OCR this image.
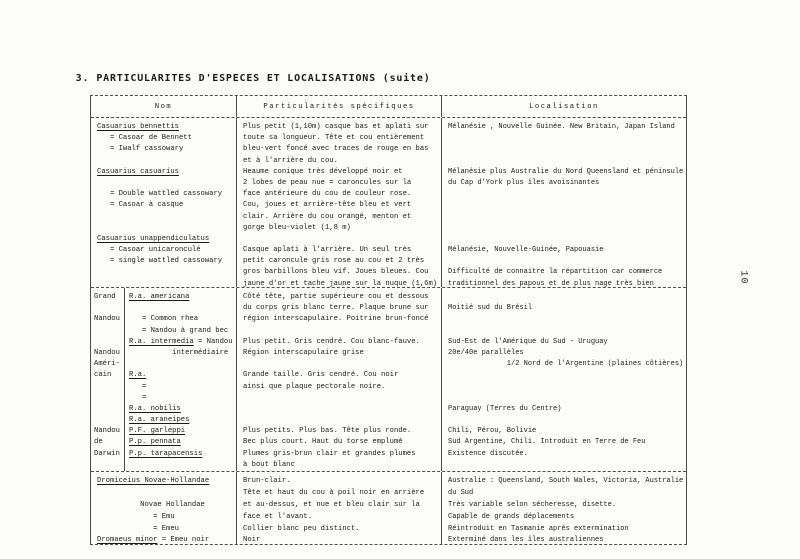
3. PARTICULARITES D'ESPECES ET LOCALISATIONS (suite)

10
Nom	Particularités spécifiques	Localisation
Casuarius bennettis
= Casoar de Bennett
= Iwalf cassowary
Casuarius casuarius
= Double wattled cassowary
= Casoar à casque
Casuarius unappendiculatus
= Casoar unicaronculé
= single wattled cassowary
Plus petit (1,10m) casque bas et aplati sur
toute sa longueur. Tête et cou entièrement
bleu-vert foncé avec traces de rouge en bas
et à l'arrière du cou.
Heaume conique très développé noir et
2 lobes de peau nue = caroncules sur la
face antérieure du cou de couleur rose.
Cou, joues et arrière-tête bleu et vert
clair. Arrière du cou orangé, menton et
gorge bleu-violet (1,8 m)
Casque aplati à l'arrière. Un seul très
petit caroncule gris rose au cou et 2 très
gros barbillons bleu vif. Joues bleues. Cou
jaune d'or et tache jaune sur la nuque (1,6m)
Mélanésie , Nouvelle Guinée. New Britain, Japan Island
Mélanésie plus Australie du Nord Queensland et péninsule
du Cap d'York plus îles avoisinantes
Mélanésie, Nouvelle-Guinée, Papouasie
Difficulté de connaitre la répartition car commerce
traditionnel des papous et de plus nage très bien
Grand
Nandou
Nandou
Améri-
cain
Nandou
de
Darwin
R.a. americana
= Common rhea
= Nandou à grand bec
R.a. intermedia = Nandou
intermédiaire
R.a.
=
=
R.a. nobilis
R.a. araneipes
P.F. garleppi
P.p. pennata
P.p. tarapacensis
Côté tête, partie supérieure cou et dessous
du corps gris blanc terre. Plaque brune sur
région interscapulaire. Poitrine brun-foncé
Plus petit. Gris cendré. Cou blanc-fauve.
Région interscapulaire grise
Grande taille. Gris cendré. Cou noir
ainsi que plaque pectorale noire.
Plus petits. Plus bas. Tête plus ronde.
Bec plus court. Haut du torse emplumé
Plumes gris-brun clair et grandes plumes
à bout blanc
Moitié sud du Brésil
Sud-Est de l'Amérique du Sud - Uruguay
20e/40e parallèles
1/2 Nord de l'Argentine (plaines côtières)
Paraguay (Terres du Centre)
Chili, Pérou, Bolivie
Sud Argentine, Chili. Introduit en Terre de Feu
Existence discutée.
Dromiceius Novae-Hollandae
Novae Hollandae
= Emu
= Emeu
Dromaeus minor = Emeu noir
Brun-clair.
Tête et haut du cou à poil noir en arrière
et au-dessus, et nue et bleu clair sur la
face et l'avant.
Collier blanc peu distinct.
Noir
Australie : Queensland, South Wales, Victoria, Australie
du Sud
Très variable selon sécheresse, disette.
Capable de grands déplacements
Réintroduit en Tasmanie après extermination
Exterminé dans les îles australiennes
